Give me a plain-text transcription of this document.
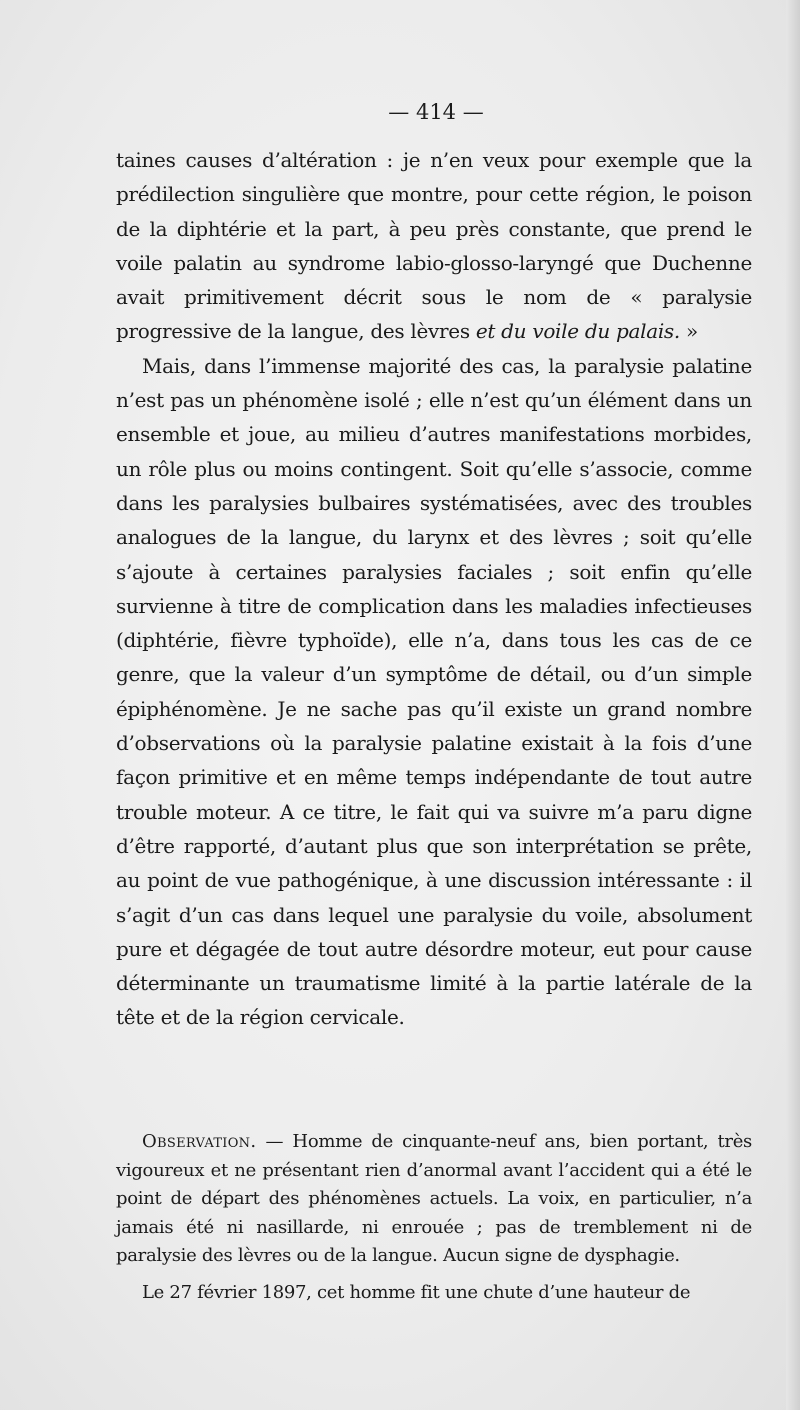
— 414 —

taines causes d’altération : je n’en veux pour exemple que la prédilection singulière que montre, pour cette région, le poison de la diphtérie et la part, à peu près constante, que prend le voile palatin au syndrome labio-glosso-laryngé que Duchenne avait primitivement décrit sous le nom de « paralysie progressive de la langue, des lèvres et du voile du palais. »

Mais, dans l’immense majorité des cas, la paralysie palatine n’est pas un phénomène isolé ; elle n’est qu’un élément dans un ensemble et joue, au milieu d’autres manifestations morbides, un rôle plus ou moins contingent. Soit qu’elle s’associe, comme dans les paralysies bulbaires systématisées, avec des troubles analogues de la langue, du larynx et des lèvres ; soit qu’elle s’ajoute à certaines paralysies faciales ; soit enfin qu’elle survienne à titre de complication dans les maladies infectieuses (diphtérie, fièvre typhoïde), elle n’a, dans tous les cas de ce genre, que la valeur d’un symptôme de détail, ou d’un simple épiphénomène. Je ne sache pas qu’il existe un grand nombre d’observations où la paralysie palatine existait à la fois d’une façon primitive et en même temps indépendante de tout autre trouble moteur. A ce titre, le fait qui va suivre m’a paru digne d’être rapporté, d’autant plus que son interprétation se prête, au point de vue pathogénique, à une discussion intéressante : il s’agit d’un cas dans lequel une paralysie du voile, absolument pure et dégagée de tout autre désordre moteur, eut pour cause déterminante un traumatisme limité à la partie latérale de la tête et de la région cervicale.

Observation. — Homme de cinquante-neuf ans, bien portant, très vigoureux et ne présentant rien d’anormal avant l’accident qui a été le point de départ des phénomènes actuels. La voix, en particulier, n’a jamais été ni nasillarde, ni enrouée ; pas de tremblement ni de paralysie des lèvres ou de la langue. Aucun signe de dysphagie.

Le 27 février 1897, cet homme fit une chute d’une hauteur de
